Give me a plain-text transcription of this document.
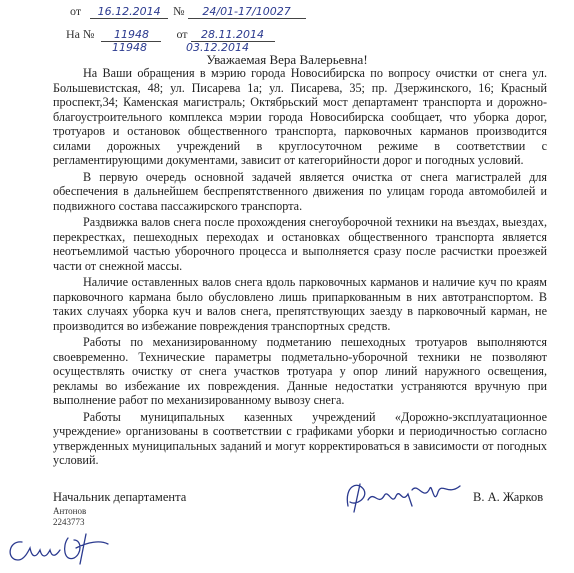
от 16.12.2014 № 24/01-17/10027
На № 11948 от 28.11.2014
11948	03.12.2014
Уважаемая Вера Валерьевна!

На Ваши обращения в мэрию города Новосибирска по вопросу очистки от снега ул. Большевистская, 48; ул. Писарева 1а; ул. Писарева, 35; пр. Дзержинского, 16; Красный проспект,34; Каменская магистраль; Октябрьский мост департамент транспорта и дорожно-благоустроительного комплекса мэрии города Новосибирска сообщает, что уборка дорог, тротуаров и остановок общественного транспорта, парковочных карманов производится силами дорожных учреждений в круглосуточном режиме в соответствии с регламентирующими документами, зависит от категорийности дорог и погодных условий.

В первую очередь основной задачей является очистка от снега магистралей для обеспечения в дальнейшем беспрепятственного движения по улицам города автомобилей и подвижного состава пассажирского транспорта.

Раздвижка валов снега после прохождения снегоуборочной техники на въездах, выездах, перекрестках, пешеходных переходах и остановках общественного транспорта является неотъемлимой частью уборочного процесса и выполняется сразу после расчистки проезжей части от снежной массы.

Наличие оставленных валов снега вдоль парковочных карманов и наличие куч по краям парковочного кармана было обусловлено лишь припаркованным в них автотранспортом. В таких случаях уборка куч и валов снега, препятствующих заезду в парковочный карман, не производится во избежание повреждения транспортных средств.

Работы по механизированному подметанию пешеходных тротуаров выполняются своевременно. Технические параметры подметально-уборочной техники не позволяют осуществлять очистку от снега участков тротуара у опор линий наружного освещения, рекламы во избежание их повреждения. Данные недостатки устраняются вручную при выполнение работ по механизированному вывозу снега.

Работы муниципальных казенных учреждений «Дорожно-эксплуатационное учреждение» организованы в соответствии с графиками уборки и периодичностью согласно утвержденных муниципальных заданий и могут корректироваться в зависимости от погодных условий.

Начальник департамента	В. А. Жарков
Антонов
2243773
